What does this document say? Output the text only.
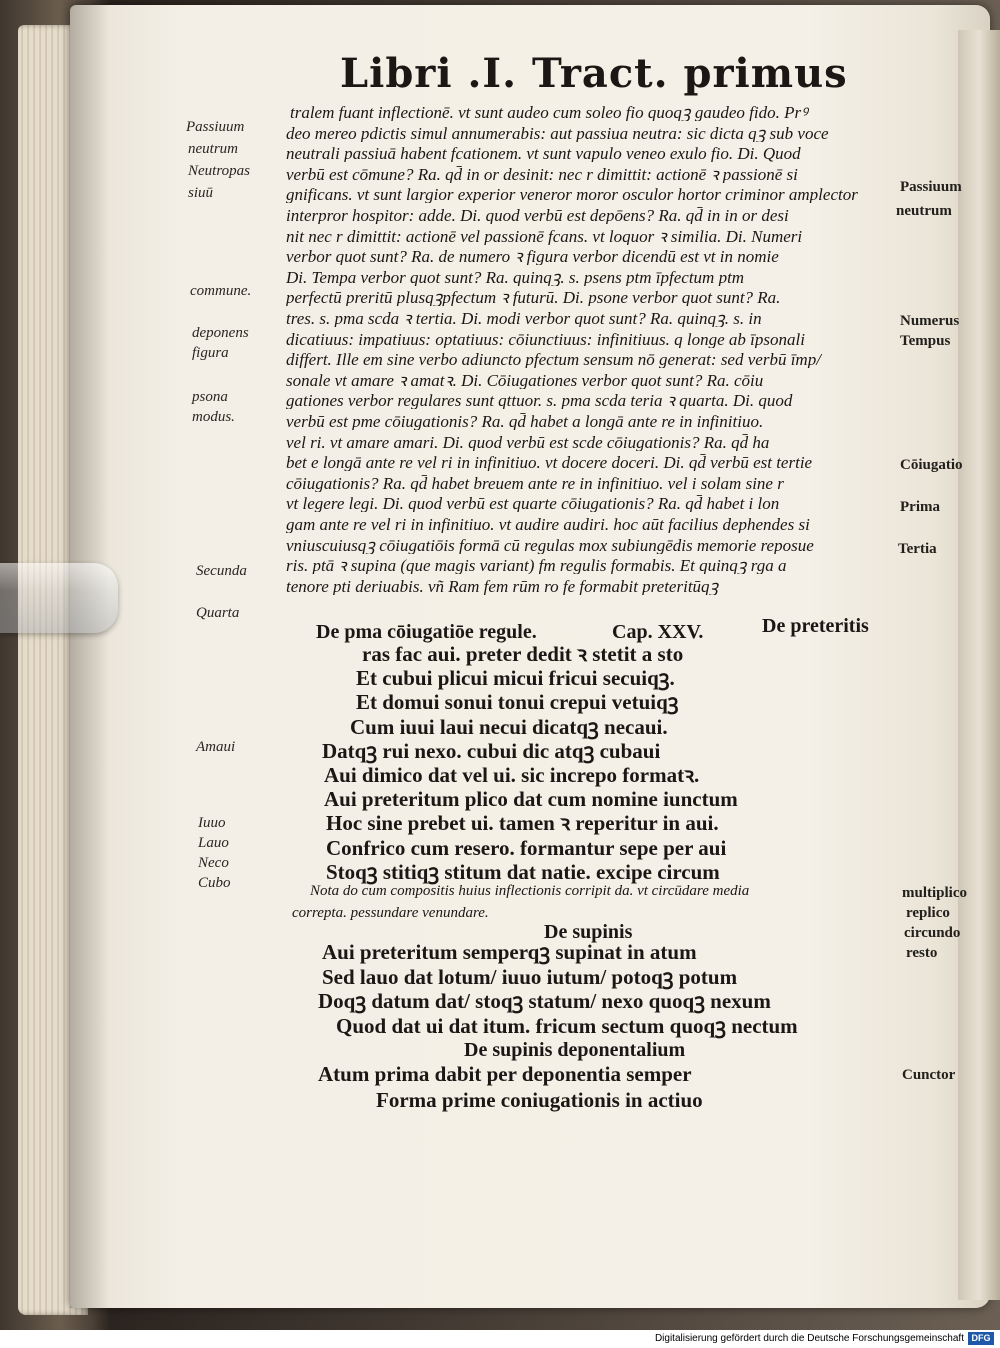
Libri .I. Tract. primus
Passiuum
neutrum
Neutropas
siuū
commune.
deponens
figura
psona
modus.
Secunda
Quarta
Amaui
Iuuo
Lauo
Neco
Cubo
Passiuum
neutrum
Numerus
Tempus
Cōiugatio
Prima
Tertia
multiplico
replico
circundo
resto
Cunctor
tralem fuant inflectionē. vt sunt audeo cum soleo fio quoqꝫ gaudeo fido. Prꝰ
deo mereo pdictis simul annumerabis: aut passiua neutra: sic dicta qꝫ sub voce
neutrali passiuā habent fcationem. vt sunt vapulo veneo exulo fio. Di. Quod
verbū est cōmune? Ra. qd̄ in or desinit: nec r dimittit: actionē ꝛ passionē si
gnificans. vt sunt largior experior veneror moror osculor hortor criminor amplector
interpror hospitor: adde. Di. quod verbū est depōens? Ra. qd̄ in in or desi
nit nec r dimittit: actionē vel passionē fcans. vt loquor ꝛ similia. Di. Numeri
verbor quot sunt? Ra. de numero ꝛ figura verbor dicendū est vt in nomie
Di. Tempa verbor quot sunt? Ra. quinqꝫ. s. psens ptm īpfectum ptm
perfectū preritū plusqꝫpfectum ꝛ futurū. Di. psone verbor quot sunt? Ra.
tres. s. pma scda ꝛ tertia. Di. modi verbor quot sunt? Ra. quinqꝫ. s. in
dicatiuus: impatiuus: optatiuus: cōiunctiuus: infinitiuus. q longe ab īpsonali
differt. Ille em sine verbo adiuncto pfectum sensum nō generat: sed verbū īmp/
sonale vt amare ꝛ amatꝛ. Di. Cōiugationes verbor quot sunt? Ra. cōiu
gationes verbor regulares sunt qttuor. s. pma scda teria ꝛ quarta. Di. quod
verbū est pme cōiugationis? Ra. qd̄ habet a longā ante re in infinitiuo.
vel ri. vt amare amari. Di. quod verbū est scde cōiugationis? Ra. qd̄ ha
bet e longā ante re vel ri in infinitiuo. vt docere doceri. Di. qd̄ verbū est tertie
cōiugationis? Ra. qd̄ habet breuem ante re in infinitiuo. vel i solam sine r
vt legere legi. Di. quod verbū est quarte cōiugationis? Ra. qd̄ habet i lon
gam ante re vel ri in infinitiuo. vt audire audiri. hoc aūt facilius dephendes si
vniuscuiusqꝫ cōiugatiōis formā cū regulas mox subiungēdis memorie reposue
ris. ptā ꝛ supina (que magis variant) fm regulis formabis. Et quinqꝫ rga a
tenore pti deriuabis. vñ Ram fem rūm ro fe formabit preteritūqꝫ
De pma cōiugatiōe regule.	Cap. XXV.	De preteritis
ras fac aui. preter dedit ꝛ stetit a sto
Et cubui plicui micui fricui secuiqꝫ.
Et domui sonui tonui crepui vetuiqꝫ
Cum iuui laui necui dicatqꝫ necaui.
Datqꝫ rui nexo. cubui dic atqꝫ cubaui
Aui dimico dat vel ui. sic increpo formatꝛ.
Aui preteritum plico dat cum nomine iunctum
Hoc sine prebet ui. tamen ꝛ reperitur in aui.
Confrico cum resero. formantur sepe per aui
Stoqꝫ stitiqꝫ stitum dat natie. excipe circum
Nota do cum compositis huius inflectionis corripit da. vt circūdare media
correpta. pessundare venundare.
De supinis
Aui preteritum semperqꝫ supinat in atum
Sed lauo dat lotum/ iuuo iutum/ potoqꝫ potum
Doqꝫ datum dat/ stoqꝫ statum/ nexo quoqꝫ nexum
Quod dat ui dat itum. fricum sectum quoqꝫ nectum
De supinis deponentalium
Atum prima dabit per deponentia semper
Forma prime coniugationis in actiuo
Digitalisierung gefördert durch die Deutsche Forschungsgemeinschaft DFG
